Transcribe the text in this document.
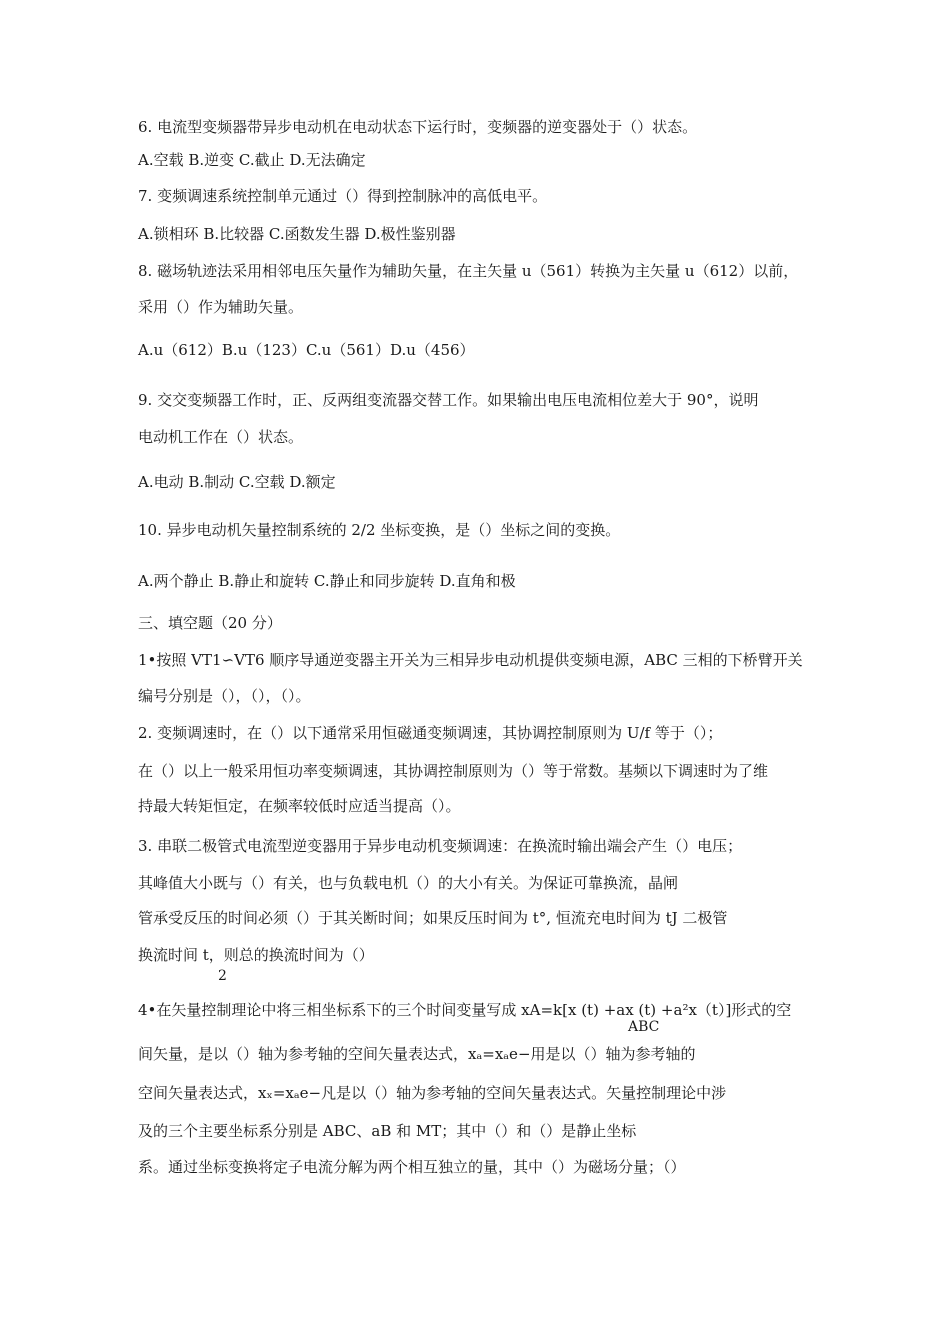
6. 电流型变频器带异步电动机在电动状态下运行时，变频器的逆变器处于（）状态。
A.空载 B.逆变 C.截止 D.无法确定
7. 变频调速系统控制单元通过（）得到控制脉冲的高低电平。
A.锁相环 B.比较器 C.函数发生器 D.极性鉴别器
8. 磁场轨迹法采用相邻电压矢量作为辅助矢量，在主矢量 u（561）转换为主矢量 u（612）以前，
采用（）作为辅助矢量。
A.u（612）B.u（123）C.u（561）D.u（456）
9. 交交变频器工作时，正、反两组变流器交替工作。如果输出电压电流相位差大于 90°，说明
电动机工作在（）状态。
A.电动 B.制动 C.空载 D.额定
10. 异步电动机矢量控制系统的 2/2 坐标变换，是（）坐标之间的变换。
A.两个静止 B.静止和旋转 C.静止和同步旋转 D.直角和极
三、填空题（20 分）
1•按照 VT1∽VT6 顺序导通逆变器主开关为三相异步电动机提供变频电源，ABC 三相的下桥臂开关
编号分别是（），（），（）。
2. 变频调速时，在（）以下通常采用恒磁通变频调速，其协调控制原则为 U/f 等于（）；
在（）以上一般采用恒功率变频调速，其协调控制原则为（）等于常数。基频以下调速时为了维
持最大转矩恒定，在频率较低时应适当提高（）。
3. 串联二极管式电流型逆变器用于异步电动机变频调速：在换流时输出端会产生（）电压；
其峰值大小既与（）有关，也与负载电机（）的大小有关。为保证可靠换流，晶闸
管承受反压的时间必须（）于其关断时间；如果反压时间为 t°, 恒流充电时间为 tJ 二极管
换流时间 t，则总的换流时间为（）
2
4•在矢量控制理论中将三相坐标系下的三个时间变量写成 xA=k[x (t) +ax (t) +a²x（t）]形式的空
ABC
间矢量，是以（）轴为参考轴的空间矢量表达式，xₐ=xₐe−用是以（）轴为参考轴的
空间矢量表达式，xₓ=xₐe−凡是以（）轴为参考轴的空间矢量表达式。矢量控制理论中涉
及的三个主要坐标系分别是 ABC、aB 和 MT；其中（）和（）是静止坐标
系。通过坐标变换将定子电流分解为两个相互独立的量，其中（）为磁场分量；（）
